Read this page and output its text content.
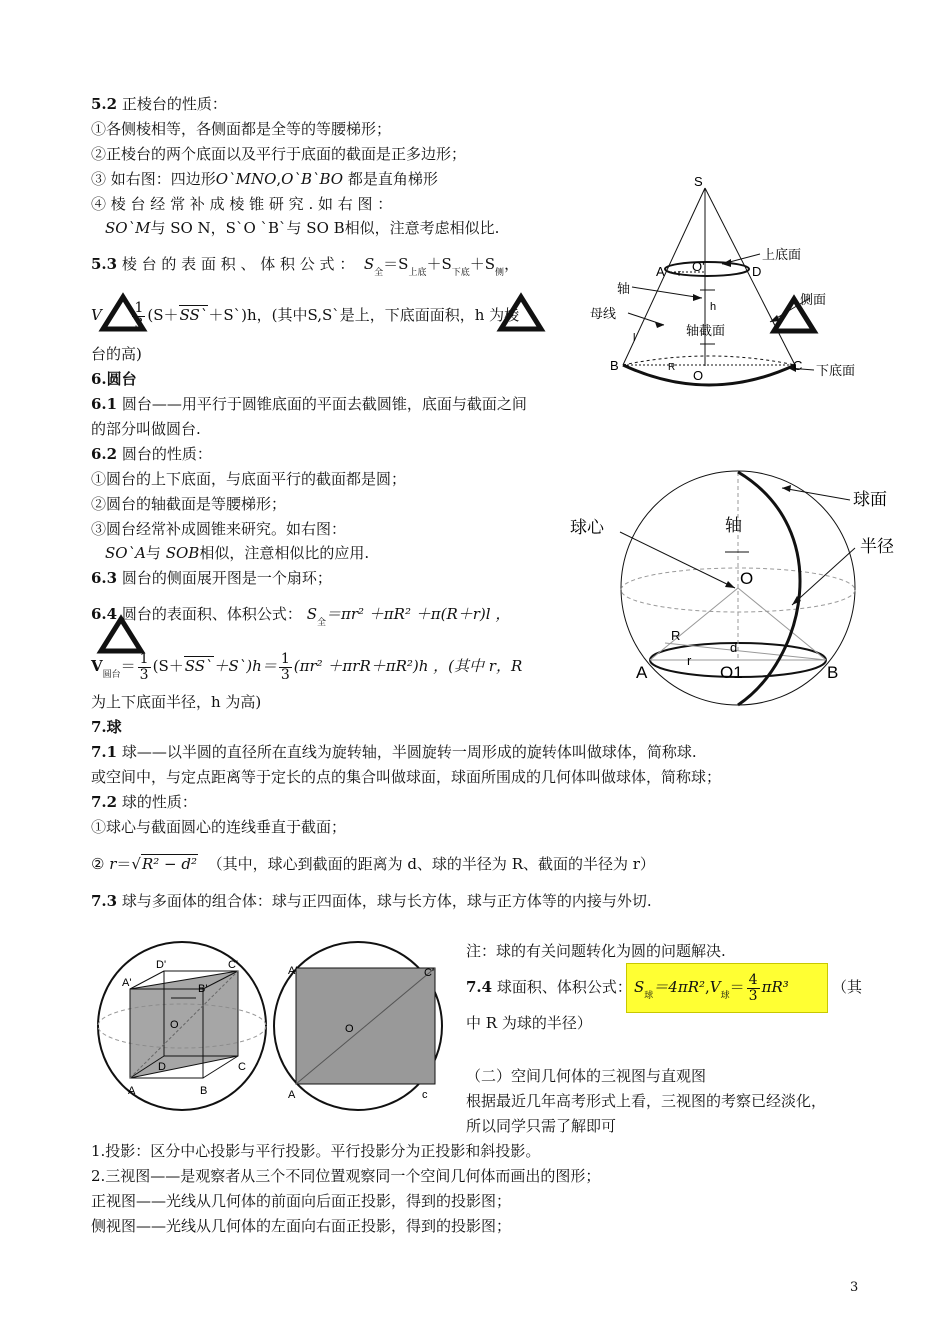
5.2 正棱台的性质：
①各侧棱相等，各侧面都是全等的等腰梯形；
②正棱台的两个底面以及平行于底面的截面是正多边形；
③ 如右图：四边形O`MNO,O`B`BO 都是直角梯形
④ 棱 台 经 常 补 成 棱 锥 研 究 . 如 右 图 ：
SO`M与 SO N，S`O `B`与 SO B相似，注意考虑相似比.
5.3 棱 台 的 表 面 积 、 体 积 公 式 ： $S_全=S_{上底}+S_{下底}+S_侧$，
V $\frac{1}{3}$ (S＋SS`＋S`)h，(其中S,S`是上，下底面面积，h 为棱
台的高)
6.圆台
6.1 圆台——用平行于圆锥底面的平面去截圆锥，底面与截面之间
的部分叫做圆台.
6.2 圆台的性质：
①圆台的上下底面，与底面平行的截面都是圆；
②圆台的轴截面是等腰梯形；
③圆台经常补成圆锥来研究。如右图：
SO`A与 SOB相似，注意相似比的应用.
6.3 圆台的侧面展开图是一个扇环；
6.4 圆台的表面积、体积公式： $S_全=\pi r^2 +\pi R^2 +\pi(R+r)l$ ，
$V_{圆台}= \frac{1}{3}$ (S＋SS`＋S`)h＝ $\frac{1}{3} (\pi r^2 +\pi rR+\pi R^2)h$ ，(其中 r，R
为上下底面半径，h 为高)
7.球
7.1 球——以半圆的直径所在直线为旋转轴，半圆旋转一周形成的旋转体叫做球体，简称球.
或空间中，与定点距离等于定长的点的集合叫做球面，球面所围成的几何体叫做球体，简称球；
7.2 球的性质：
①球心与截面圆心的连线垂直于截面；
② r＝√R² − d² （其中，球心到截面的距离为 d、球的半径为 R、截面的半径为 r）
7.3 球与多面体的组合体：球与正四面体，球与长方体，球与正方体等的内接与外切.
注：球的有关问题转化为圆的问题解决.
7.4 球面积、体积公式： $S_球=4\pi R^2,V_球= \frac{4}{3} \pi R^3$	（其
中 R 为球的半径）
（二）空间几何体的三视图与直观图
根据最近几年高考形式上看，三视图的考察已经淡化，
所以同学只需了解即可
1.投影：区分中心投影与平行投影。平行投影分为正投影和斜投影。
2.三视图——是观察者从三个不同位置观察同一个空间几何体而画出的图形；
正视图——光线从几何体的前面向后面正投影，得到的投影图；
侧视图——光线从几何体的左面向右面正投影，得到的投影图；
3
S
A O'
r	D
上底面
轴
h	侧面
母线
l	轴截面
B	R	C
O	下底面
球面
球心	轴
半径
O
R
d
r
A	O1	B
D'	C'
A'	B'
O
D	C
A	B
A'	C'
O
A	c
